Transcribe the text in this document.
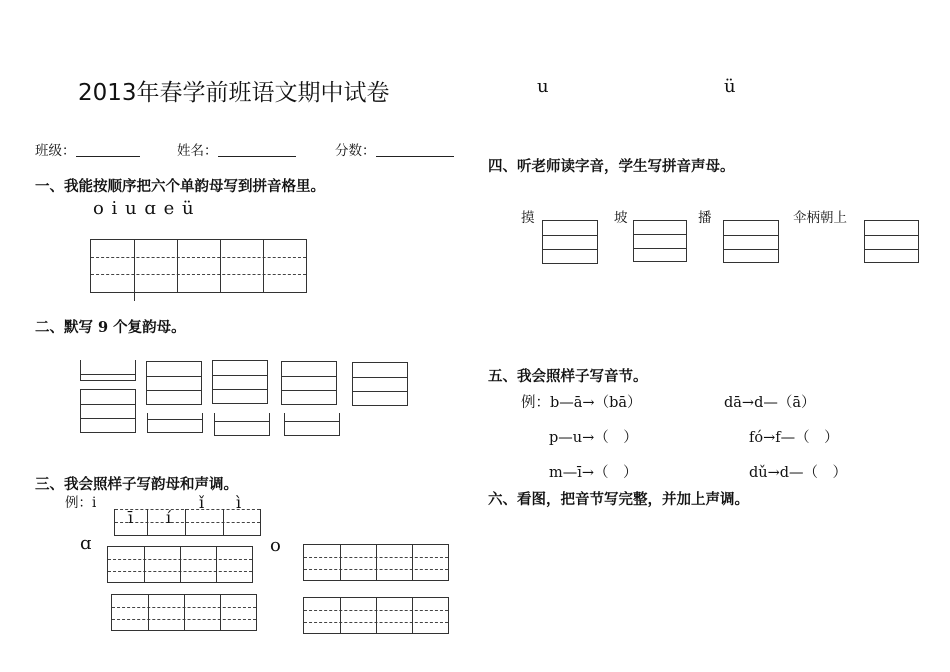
2013年春学前班语文期中试卷	u	ü
班级：	姓名：	分数：
一、我能按顺序把六个单韵母写到拼音格里。
o i u ɑ e ü
二、默写 9 个复韵母。
三、我会照样子写韵母和声调。
例：i
ī í
ǐ ì
ɑ	o
四、听老师读字音，学生写拼音声母。
摸	坡	播	伞柄朝上
五、我会照样子写音节。
例：b—ā→（bā）	dā→d—（ā）
p—u→（　）	fó→f—（　）
m—ī→（　）	dǔ→d—（　）
六、看图，把音节写完整，并加上声调。
